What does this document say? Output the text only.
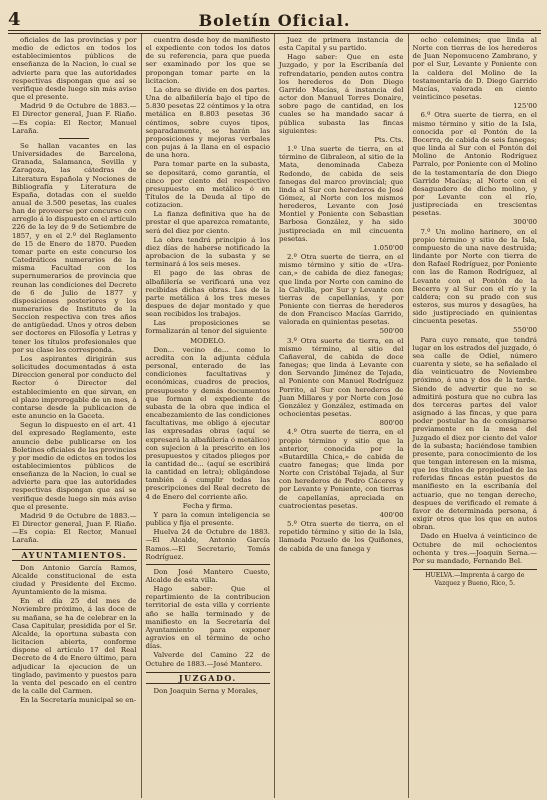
4	Boletín Oficial.

oficiales de las provincias y por medio de edictos en todos los establecimientos públicos de enseñanza de la Nacion, lo cual se advierte para que las autoridades respectivas dispongan que así se verifique desde luego sin más aviso que el presente.

Madrid 9 de Octubre de 1883.—El Director general, Juan F. Riaño.—Es copia: El Rector, Manuel Laraña.

Se hallan vacantes en las Universidades de Barcelona, Granada, Salamanca, Sevilla y Zaragoza, las cátedras de Literatura Española y Nociones de Bibliografía y Literatura de España, dotadas con el sueldo anual de 3.500 pesetas, las cuales han de proveerse por concurso con arreglo á lo dispuesto en el artículo 226 de la ley de 9 de Setiembre de 1857, y en el 2.º del Reglamento de 15 de Enero de 1870. Pueden tomar parte en este concurso los Catedráticos numerarios de la misma Facultad con los supernumerarios de provincia que reunan las condiciones del Decreto de 6 de Julio de 1877 y disposiciones posteriores y los numerarios de Instituto de la Seccion respectiva con tres años de antigüedad. Unos y otros deben ser doctores en Filosofía y Letras y tener los títulos profesionales que por su clase les corresponda.

Los aspirantes dirigirán sus solicitudes documentadas á esta Direccion general por conducto del Rector ó Director del establecimiento en que sirvan, en el plazo improrogable de un mes, á contarse desde la publicacion de este anuncio en la Gaceta.

Segun lo dispuesto en el art. 41 del expresado Reglamento, este anuncio debe publicarse en los Boletines oficiales de las provincias y por medio de edictos en todos los establecimientos públicos de enseñanza de la Nacion, lo cual se advierte para que las autoridades respectivas dispongan que así se verifique desde luego sin más aviso que el presente.

Madrid 9 de Octubre de 1883.—El Director general, Juan F. Riaño.—Es copia: El Rector, Manuel Laraña.

AYUNTAMIENTOS.

Don Antonio García Ramos, Alcalde constitucional de esta ciudad y Presidente del Excmo. Ayuntamiento de la misma.

En el día 25 del mes de Noviembre próximo, á las doce de su mañana, se ha de celebrar en la Casa Capitular, presidida por el Sr. Alcalde, la oportuna subasta con licitacion abierta, conforme dispone el artículo 17 del Real Decreto de 4 de Enero último, para adjudicar la ejecucion de un tinglado, pavimento y puestos para la venta del pescado en el centro de la calle del Carmen.

En la Secretaría municipal se en-

cuentra desde hoy de manifiesto el expediente con todos los datos de su referencia, para que pueda ser examinado por los que se propongan tomar parte en la licitacion.

La obra se divide en dos partes. Una de albañilería bajo el tipo de 5.830 pesetas 22 céntimos y la otra metálica en 8.803 pesetas 36 céntimos, sobre cuyos tipos, separadamente, se harán las proposiciones y mejoras verbales con pujas á la llana en el espacio de una hora.

Para tomar parte en la subasta, se depositará, como garantía, el cinco por ciento del respectivo presupuesto en metálico ó en Títulos de la Deuda al tipo de cotizacion.

La fianza definitiva que ha de prestar el que aparezca rematante, será del diez por ciento.

La obra tendrá principio á los diez días de haberse notificado la aprobacion de la subasta y se terminará á los seis meses.

El pago de las obras de albañilería se verificará una vez recibidas dichas obras. Las de la parte metálica á los tres meses despues de dejar montado y que sean recibidos los trabajos.

Las proposiciones se formalizarán al tenor del siguiente

MODELO.

Don... vecino de... como lo acredita con la adjunta cédula personal, enterado de las condiciones facultativas y económicas, cuadros de precios, presupuesto y demás documentos que forman el expediente de subasta de la obra que indica el encabezamiento de las condiciones facultativas, me obligo á ejecutar las expresadas obras (aquí se expresará la albañilería ó metálico) con sujecion á la prescrito en los presupuestos y citados pliegos por la cantidad de... (aquí se escribirá la cantidad en letra); obligándose también á cumplir todas las prescripciones del Real decreto de 4 de Enero del corriente año.

Fecha y firma.

Y para la comun inteligencia se publica y fija el presente.

Huelva 24 de Octubre de 1883.—El Alcalde, Antonio García Ramos.—El Secretario, Tomás Rodríguez.

Don José Mantero Cuesto, Alcalde de esta villa.

Hago saber: Que el repartimiento de la contribucion territorial de esta villa y corriente año se halla terminado y de manifiesto en la Secretaría del Ayuntamiento para exponer agravios en el término de ocho días.

Valverde del Camino 22 de Octubre de 1883.—José Mantero.

JUZGADO.

Don Joaquin Serna y Morales,

Juez de primera instancia de esta Capital y su partido.

Hago saber: Que en este Juzgado, y por la Escribanía del refrendatario, penden autos contra los herederos de Don Diego Garrido Macías, á instancia del actor don Manuel Torres Donaire, sobre pago de cantidad, en los cuales se ha mandado sacar á pública subasta las fincas siguientes:

Pts. Cts.

1.º Una suerte de tierra, en el término de Gibraleon, al sitio de la Mata, denominada Cabeza Redondo, de cabida de seis fanegas del marco provincial; que linda al Sur con herederos de José Gómez, al Norte con los mismos herederos, Levante con José Montiel y Poniente con Sebastian Barbosa González, y ha sido justipreciada en mil cincuenta pesetas.

1.050'00

2.º Otra suerte de tierra, en el mismo término y sitio de «Ura-can,» de cabida de diez fanegas; que linda por Norte con camino de la Calvilla, por Sur y Levante con tierras de capellanías, y por Poniente con tierras de herederos de don Francisco Macías Garrido, valorada en quinientas pesetas.

500'00

3.º Otra suerte de tierra, en el mismo término, al sitio del Cañaveral, de cabida de doce fanegas; que linda á Levante con don Servando Jiménez de Tejada, al Poniente con Manuel Rodríguez Porrito, al Sur con herederos de Juan Millares y por Norte con José González y González, estimada en ochocientas pesetas.

800'00

4.º Otra suerte de tierra, en el propio término y sitio que la anterior, conocida por la «Butardilla Chica,» de cabida de cuatro fanegas; que linda por Norte con Cristóbal Tejada, al Sur con herederos de Pedro Cáceres y por Levante y Poniente, con tierras de capellanías, apreciada en cuatrocientas pesetas.

400'00

5.º Otra suerte de tierra, en el repetido término y sitio de la Isla, llamada Pozuelo de los Quiñones, de cabida de una fanega y

ocho celemines; que linda al Norte con tierras de los herederos de Juan Nepomuceno Zambrano, y por el Sur, Levante y Poniente con la caldera del Molino de la testamentaría de D. Diego Garrido Macías, valorada en ciento veinticinco pesetas.

125'00

6.º Otra suerte de tierra, en el mismo término y sitio de la Isla, conocida por el Pontón de la Bocerra, de cabida de seis fanegas; que linda al Sur con el Pontón del Molino de Antonio Rodríguez Parralo, por Poniente con el Molino de la testamentaría de don Diego Garrido Macías; al Norte con el desaguadero de dicho molino, y por Levante con el río, justipreciada en trescientas pesetas.

300'00

7.º Un molino harinero, en el propio término y sitio de la Isla, compuesto de una nave destruida; lindante por Norte con tierra de don Rafael Rodríguez, por Poniente con las de Ramon Rodríguez, al Levante con el Pontón de la Becerra y al Sur con el río y la caldera; con su prado con sus esteros, sus muros y desagües, ha sido justipreciado en quinientas cincuenta pesetas.

550'00

Para cuyo remate, que tendrá lugar en los estrados del juzgado, ó sea calle de Odiel, número cuarenta y siete, se ha señalado el día veinticuatro de Noviembre próximo, á una y dos de la tarde. Siendo de advertir que no se admitirá postura que no cubra las dos terceras partes del valor asignado á las fincas, y que para poder postular ha de consignarse previamente en la mesa del Juzgado el diez por ciento del valor de la subasta; haciéndose tambien presente, para conocimiento de los que tengan interesen en la misma, que los títulos de propiedad de las referidas fincas están puestos de manifiesto en la escribanía del actuario, que no tengan derecho, despues de verificado el remate á favor de determinada persona, á exigir otros que los que en autos obran.

Dado en Huelva á veinticinco de Octubre de mil ochocientos ochenta y tres.—Joaquin Serna.—Por su mandado, Fernando Bel.

HUELVA.—Imprenta á cargo de Vazquez y Bueno, Rico, 5.
